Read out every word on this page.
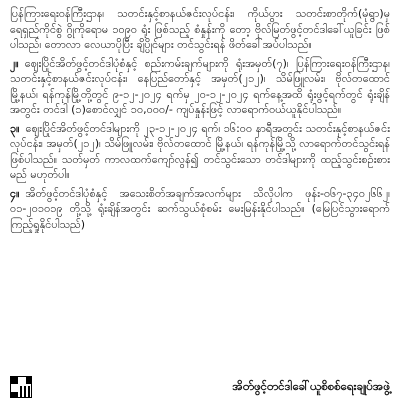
ပြန်ကြားရေးဝန်ကြီးဌာန၊ သတင်းနှင့်စာနယ်ဇင်းလုပ်ငန်း၊ ကိုယ်ပွား သတင်းစာတိုက်(မုံရွာ)မှ ရေရှည်ကိုင်စွဲ ဂွိုကိုရောမ ၁၀၉၀ ရုံး ဖြစ်သည့် စံနှုန်းကို တော့ ဗိုလ်မြတ်ဖွင့်တင်ဒါခေါ်ယူခြင်း ဖြစ်ပါသည်၊ တောလာ လေယာပိုပြီး ချိပ္ပိုင်များ တင်သွင်းရန် ဖိတ်ခေါ်အပ်ပါသည်။

၂။ ဈေးပြိုင်အိတ်ဖွင့်တင်ဒါပုံစံနှင့် စည်းကမ်းချက်များကို ရုံးအမှတ်(၇)၊ ပြန်ကြားရေးဝန်ကြီးဌာန၊ သတင်းနှင့်စာနယ်ဇင်းလုပ်ငန်း၊ နေပြည်တော်နှင့် အမှတ်(၂၁၂)၊ သိမ်ဖြူလမ်း၊ ဗိုလ်တထောင်မြို့နယ်၊ ရန်ကုန်မြို့တို့တွင် ၉-၁၂-၂၀၂၄ ရက်မှ ၂၀-၁၂-၂၀၂၄ ရက်နေ့အထိ ရုံးဖွင့်ရက်တွင် ရုံးချိန်အတွင်း တင်ဒါ (၁)စောင်လျှင် ၁၀,၀၀၀/- ကျပ်နှုန်းဖြင့် လာရောက်ဝယ်ယူနိုင်ပါသည်။

၃။ ဈေးပြိုင်အိတ်ဖွင့်တင်ဒါများကို ၂၃-၁၂-၂၀၂၄ ရက်၊ ၁၆:၀၀ နာရီအတွင်း သတင်းနှင့်စာနယ်ဇင်းလုပ်ငန်း၊ အမှတ်(၂၁၂)၊ သိမ်ဖြူလမ်း၊ ဗိုလ်တထောင် မြို့နယ်၊ ရန်ကုန်မြို့သို့ လာရောက်တင်သွင်းရန် ဖြစ်ပါသည်။ သတ်မှတ် ကာလထက်ကျော်လွန်၍ တင်သွင်းသော တင်ဒါများကို ထည့်သွင်းစဉ်းစားမည် မဟုတ်ပါ။

၄။ အိတ်ဖွင့်တင်ဒါပုံစံနှင့် အသေးစိတ်အချက်အလက်များ သိလိုပါက ဖုန်း-၀၆၇-၃၄၀၂၆၆၂၊ ၀၁-၂၀၁၀၁၉ တို့သို့ ရုံးချိန်အတွင်း ဆက်သွယ်စုံစမ်း မေးမြန်းနိုင်ပါသည်။ (မြေပြင်သွားရောက် ကြည့်ရှုနိုင်ပါသည်)

အိတ်ဖွင့်တင်ဒါခေါ်ယူစိစစ်ရေးချုပ်အဖွဲ့
